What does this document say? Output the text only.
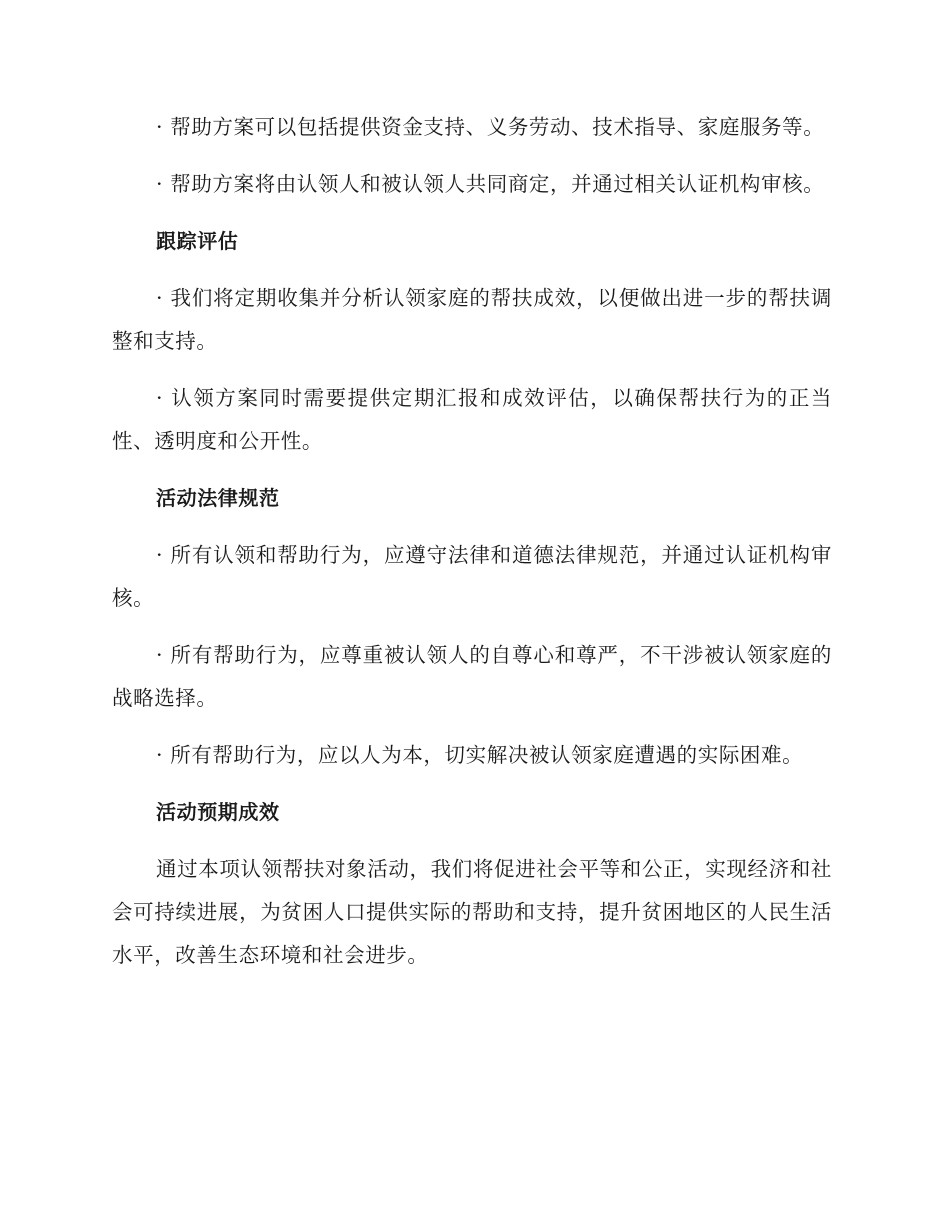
· 帮助方案可以包括提供资金支持、义务劳动、技术指导、家庭服务等。

· 帮助方案将由认领人和被认领人共同商定，并通过相关认证机构审核。

跟踪评估

· 我们将定期收集并分析认领家庭的帮扶成效，以便做出进一步的帮扶调整和支持。

· 认领方案同时需要提供定期汇报和成效评估，以确保帮扶行为的正当性、透明度和公开性。

活动法律规范

· 所有认领和帮助行为，应遵守法律和道德法律规范，并通过认证机构审核。

· 所有帮助行为，应尊重被认领人的自尊心和尊严，不干涉被认领家庭的战略选择。

· 所有帮助行为，应以人为本，切实解决被认领家庭遭遇的实际困难。

活动预期成效

通过本项认领帮扶对象活动，我们将促进社会平等和公正，实现经济和社会可持续进展，为贫困人口提供实际的帮助和支持，提升贫困地区的人民生活水平，改善生态环境和社会进步。
